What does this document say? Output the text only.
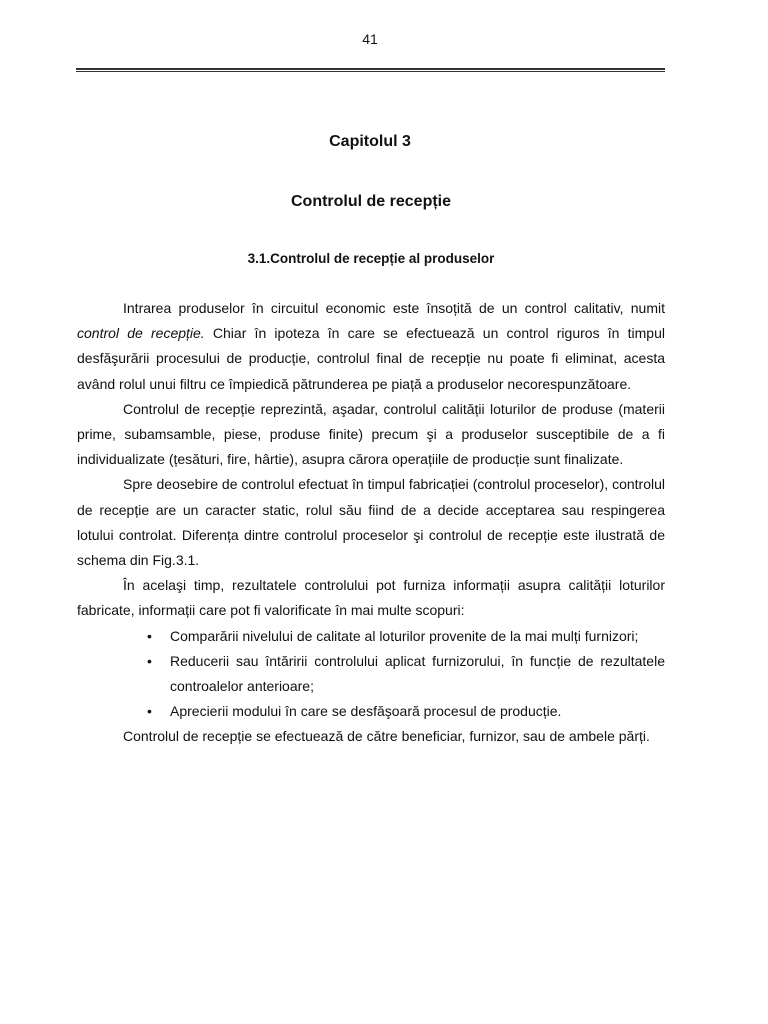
41
Capitolul 3
Controlul de recepție
3.1.Controlul de recepție al produselor

Intrarea produselor în circuitul economic este însoțită de un control calitativ, numit control de recepție. Chiar în ipoteza în care se efectuează un control riguros în timpul desfăşurării procesului de producție, controlul final de recepție nu poate fi eliminat, acesta având rolul unui filtru ce împiedică pătrunderea pe piață a produselor necorespunzătoare.

Controlul de recepție reprezintă, aşadar, controlul calității loturilor de produse (materii prime, subamsamble, piese, produse finite) precum şi a produselor susceptibile de a fi individualizate (țesături, fire, hârtie), asupra cărora operațiile de producție sunt finalizate.

Spre deosebire de controlul efectuat în timpul fabricației (controlul proceselor), controlul de recepție are un caracter static, rolul său fiind de a decide acceptarea sau respingerea lotului controlat. Diferența dintre controlul proceselor şi controlul de recepție este ilustrată de schema din Fig.3.1.

În acelaşi timp, rezultatele controlului pot furniza informații asupra calității loturilor fabricate, informații care pot fi valorificate în mai multe scopuri:

• Comparării nivelului de calitate al loturilor provenite de la mai mulți furnizori;
• Reducerii sau întăririi controlului aplicat furnizorului, în funcție de rezultatele controalelor anterioare;
• Aprecierii modului în care se desfăşoară procesul de producție.

Controlul de recepție se efectuează de către beneficiar, furnizor, sau de ambele părți.
